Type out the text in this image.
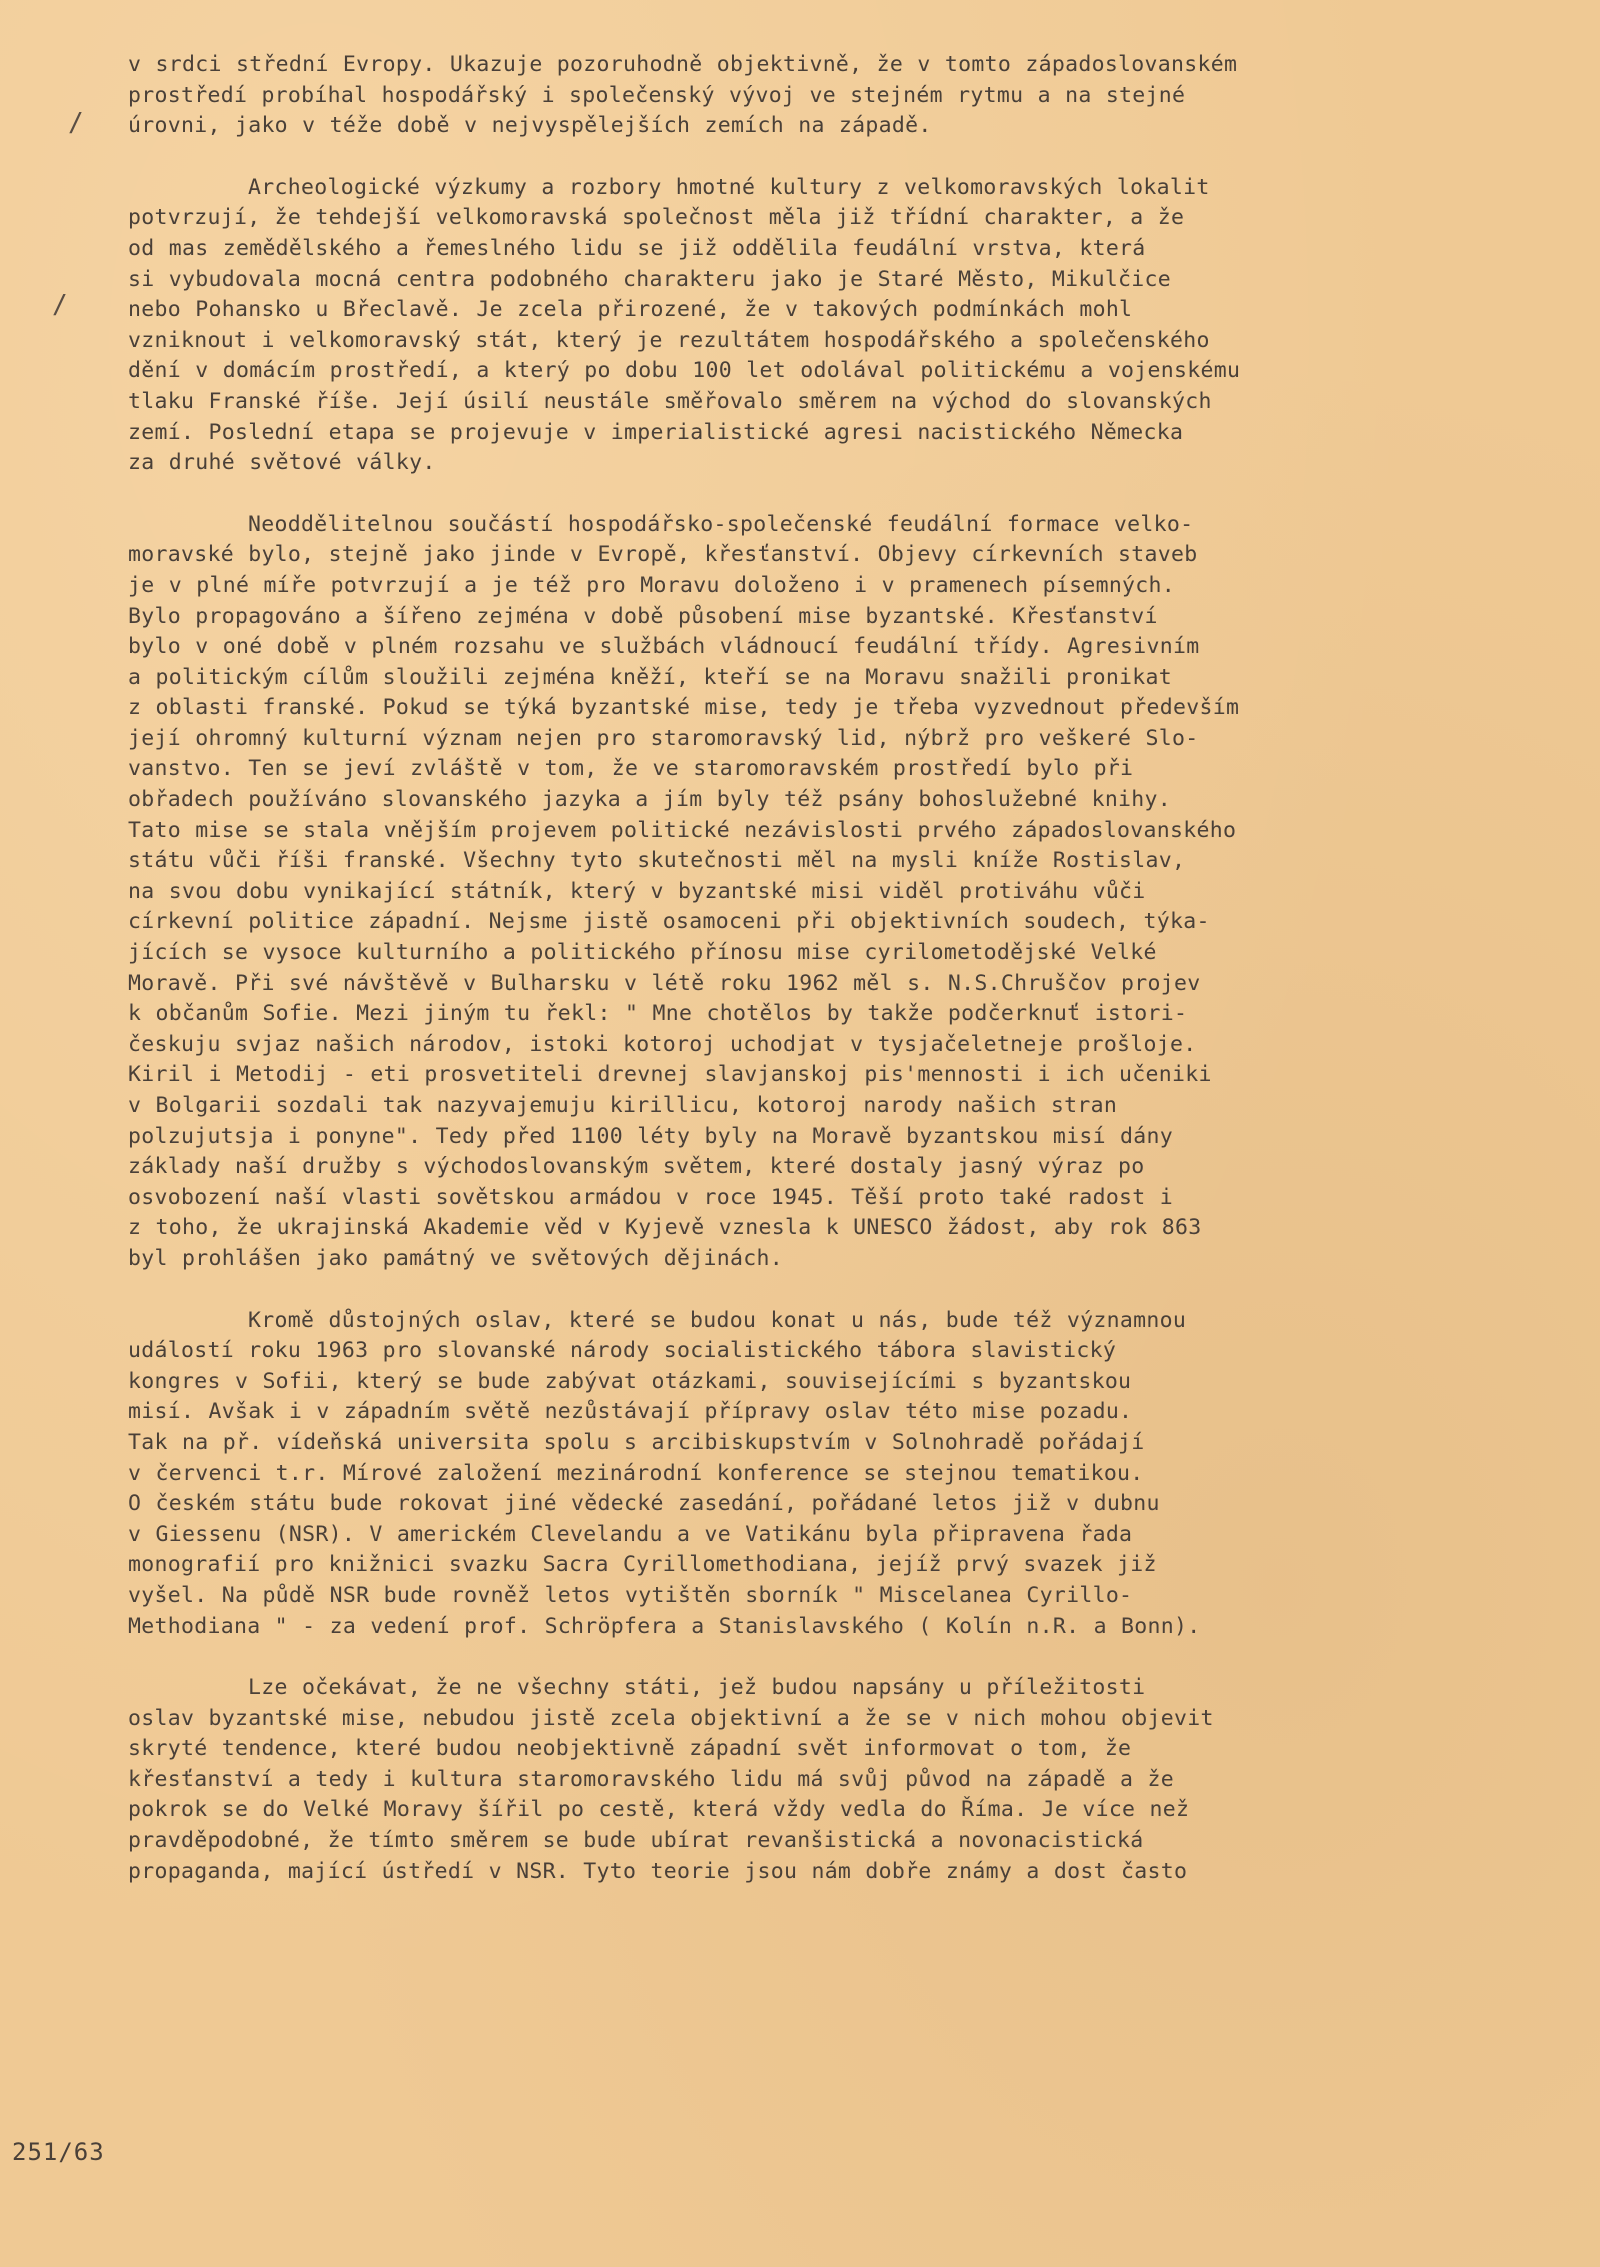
v srdci střední Evropy. Ukazuje pozoruhodně objektivně, že v tomto západoslovanském
prostředí probíhal hospodářský i společenský vývoj ve stejném rytmu a na stejné
úrovni, jako v téže době v nejvyspělejších zemích na západě.
Archeologické výzkumy a rozbory hmotné kultury z velkomoravských lokalit
potvrzují, že tehdejší velkomoravská společnost měla již třídní charakter, a že
od mas zemědělského a řemeslného lidu se již oddělila feudální vrstva, která
si vybudovala mocná centra podobného charakteru jako je Staré Město, Mikulčice
nebo Pohansko u Břeclavě. Je zcela přirozené, že v takových podmínkách mohl
vzniknout i velkomoravský stát, který je rezultátem hospodářského a společenského
dění v domácím prostředí, a který po dobu 100 let odolával politickému a vojenskému
tlaku Franské říše. Její úsilí neustále směřovalo směrem na východ do slovanských
zemí. Poslední etapa se projevuje v imperialistické agresi nacistického Německa
za druhé světové války.
Neoddělitelnou součástí hospodářsko-společenské feudální formace velko-
moravské bylo, stejně jako jinde v Evropě, křesťanství. Objevy církevních staveb
je v plné míře potvrzují a je též pro Moravu doloženo i v pramenech písemných.
Bylo propagováno a šířeno zejména v době působení mise byzantské. Křesťanství
bylo v oné době v plném rozsahu ve službách vládnoucí feudální třídy. Agresivním
a politickým cílům sloužili zejména kněží, kteří se na Moravu snažili pronikat
z oblasti franské. Pokud se týká byzantské mise, tedy je třeba vyzvednout především
její ohromný kulturní význam nejen pro staromoravský lid, nýbrž pro veškeré Slo-
vanstvo. Ten se jeví zvláště v tom, že ve staromoravském prostředí bylo při
obřadech používáno slovanského jazyka a jím byly též psány bohoslužebné knihy.
Tato mise se stala vnějším projevem politické nezávislosti prvého západoslovanského
státu vůči říši franské. Všechny tyto skutečnosti měl na mysli kníže Rostislav,
na svou dobu vynikající státník, který v byzantské misi viděl protiváhu vůči
církevní politice západní. Nejsme jistě osamoceni při objektivních soudech, týka-
jících se vysoce kulturního a politického přínosu mise cyrilometodějské Velké
Moravě. Při své návštěvě v Bulharsku v létě roku 1962 měl s. N.S.Chruščov projev
k občanům Sofie. Mezi jiným tu řekl: " Mne chotělos by takže podčerknuť istori-
českuju svjaz našich národov, istoki kotoroj uchodjat v tysjačeletneje prošloje.
Kiril i Metodij - eti prosvetiteli drevnej slavjanskoj pis'mennosti i ich učeniki
v Bolgarii sozdali tak nazyvajemuju kirillicu, kotoroj narody našich stran
polzujutsja i ponyne". Tedy před 1100 léty byly na Moravě byzantskou misí dány
základy naší družby s východoslovanským světem, které dostaly jasný výraz po
osvobození naší vlasti sovětskou armádou v roce 1945. Těší proto také radost i
z toho, že ukrajinská Akademie věd v Kyjevě vznesla k UNESCO žádost, aby rok 863
byl prohlášen jako památný ve světových dějinách.
Kromě důstojných oslav, které se budou konat u nás, bude též významnou
událostí roku 1963 pro slovanské národy socialistického tábora slavistický
kongres v Sofii, který se bude zabývat otázkami, souvisejícími s byzantskou
misí. Avšak i v západním světě nezůstávají přípravy oslav této mise pozadu.
Tak na př. vídeňská universita spolu s arcibiskupstvím v Solnohradě pořádají
v červenci t.r. Mírové založení mezinárodní konference se stejnou tematikou.
O českém státu bude rokovat jiné vědecké zasedání, pořádané letos již v dubnu
v Giessenu (NSR). V americkém Clevelandu a ve Vatikánu byla připravena řada
monografií pro knižnici svazku Sacra Cyrillomethodiana, jejíž prvý svazek již
vyšel. Na půdě NSR bude rovněž letos vytištěn sborník " Miscelanea Cyrillo-
Methodiana " - za vedení prof. Schröpfera a Stanislavského ( Kolín n.R. a Bonn).
Lze očekávat, že ne všechny státi, jež budou napsány u příležitosti
oslav byzantské mise, nebudou jistě zcela objektivní a že se v nich mohou objevit
skryté tendence, které budou neobjektivně západní svět informovat o tom, že
křesťanství a tedy i kultura staromoravského lidu má svůj původ na západě a že
pokrok se do Velké Moravy šířil po cestě, která vždy vedla do Říma. Je více než
pravděpodobné, že tímto směrem se bude ubírat revanšistická a novonacistická
propaganda, mající ústředí v NSR. Tyto teorie jsou nám dobře známy a dost často
251/63
/
/
